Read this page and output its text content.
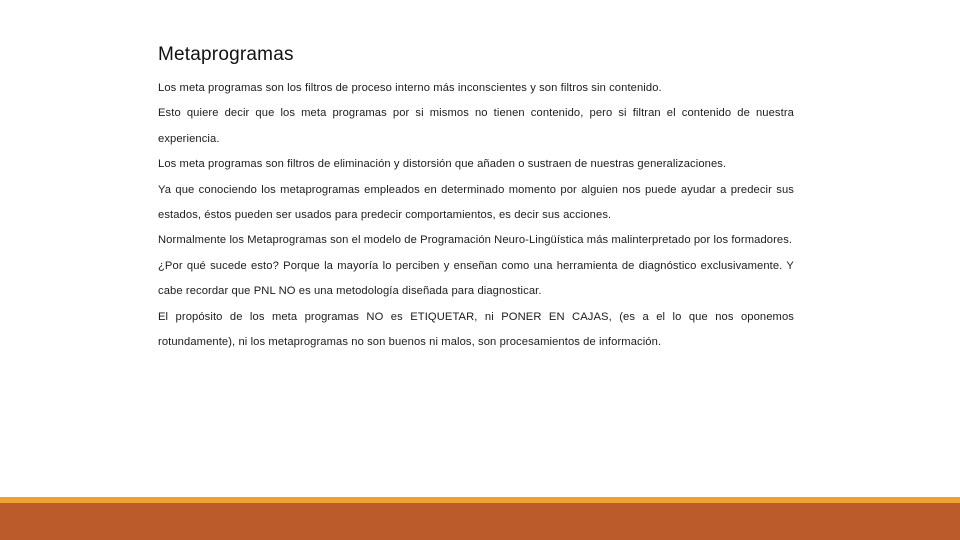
Metaprogramas

Los meta programas son los filtros de proceso interno más inconscientes y son filtros sin contenido.

Esto quiere decir que los meta programas por si mismos no tienen contenido, pero si filtran el contenido de nuestra experiencia.

Los meta programas son filtros de eliminación y distorsión que añaden o sustraen de nuestras generalizaciones.

Ya que conociendo los metaprogramas empleados en determinado momento por alguien nos puede ayudar a predecir sus estados, éstos pueden ser usados para predecir comportamientos, es decir sus acciones.

Normalmente los Metaprogramas son el modelo de Programación Neuro-Lingüística más malinterpretado por los formadores.

¿Por qué sucede esto? Porque la mayoría lo perciben y enseñan como una herramienta de diagnóstico exclusivamente. Y cabe recordar que PNL NO es una metodología diseñada para diagnosticar.

El propósito de los meta programas NO es ETIQUETAR, ni PONER EN CAJAS, (es a el lo que nos oponemos rotundamente), ni los metaprogramas no son buenos ni malos, son procesamientos de información.
